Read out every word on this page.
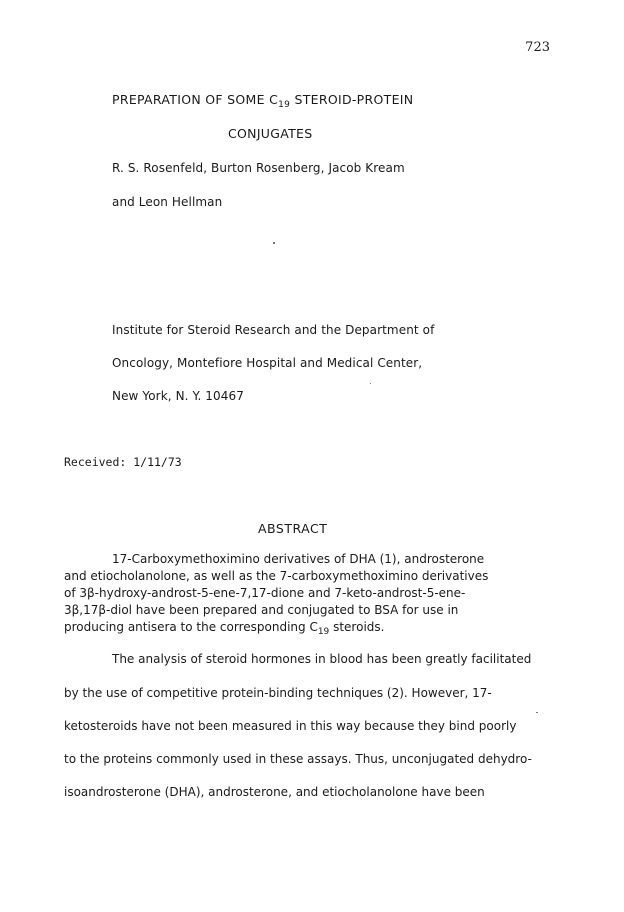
723
PREPARATION OF SOME $C_{19}$ STEROID-PROTEIN
CONJUGATES
R. S. Rosenfeld, Burton Rosenberg, Jacob Kream
and Leon Hellman
Institute for Steroid Research and the Department of
Oncology, Montefiore Hospital and Medical Center,
New York, N. Y. 10467
Received: 1/11/73
ABSTRACT
17-Carboxymethoximino derivatives of DHA (1), androsterone
and etiocholanolone, as well as the 7-carboxymethoximino derivatives
of 3β-hydroxy-androst-5-ene-7,17-dione and 7-keto-androst-5-ene-
3β,17β-diol have been prepared and conjugated to BSA for use in
producing antisera to the corresponding $C_{19}$ steroids.
The analysis of steroid hormones in blood has been greatly facilitated
by the use of competitive protein-binding techniques (2). However, 17-
ketosteroids have not been measured in this way because they bind poorly
to the proteins commonly used in these assays. Thus, unconjugated dehydro-
isoandrosterone (DHA), androsterone, and etiocholanolone have been
